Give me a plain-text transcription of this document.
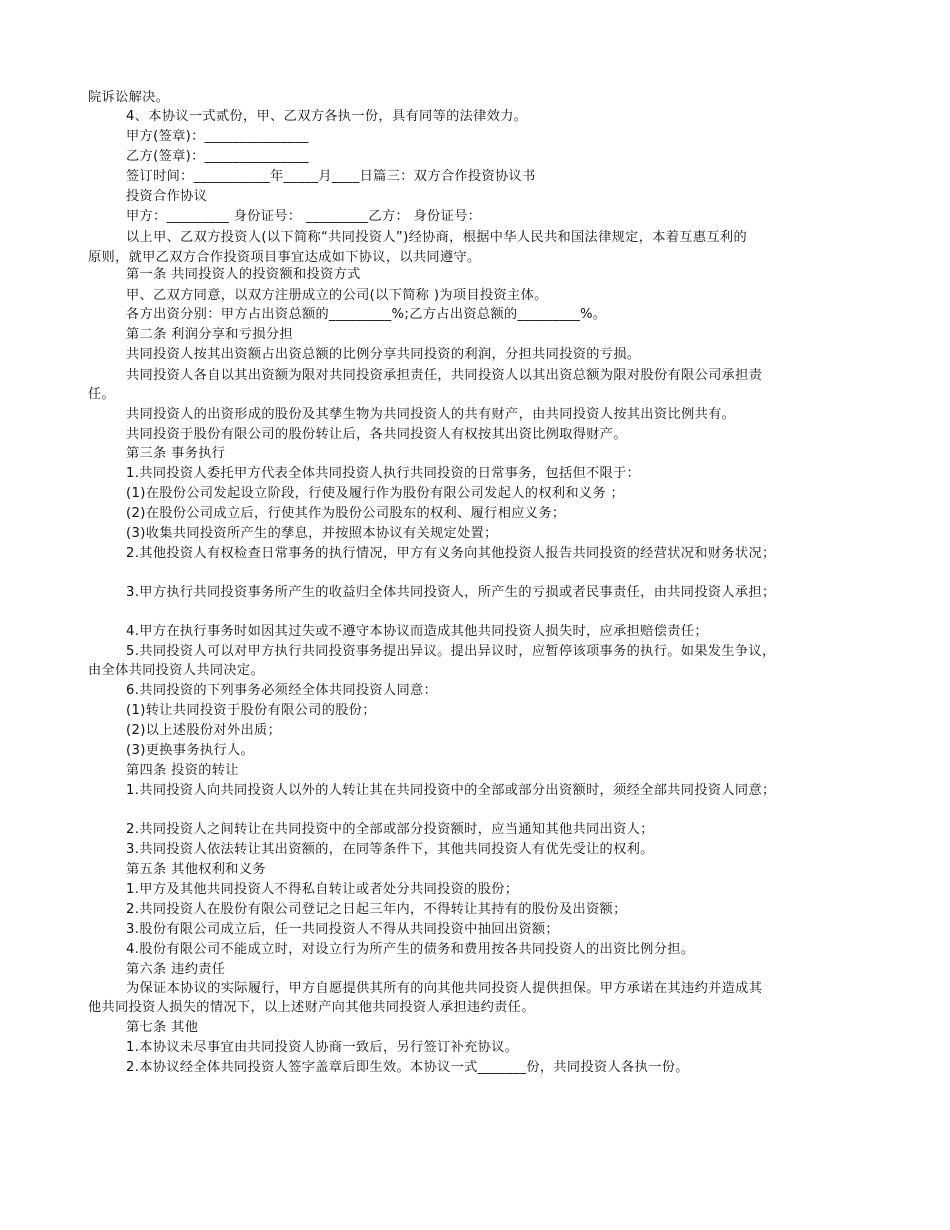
院诉讼解决。
4、本协议一式贰份，甲、乙双方各执一份，具有同等的法律效力。
甲方(签章)：_______________
乙方(签章)：_______________
签订时间：___________年_____月____日篇三：双方合作投资协议书
投资合作协议
甲方：_________ 身份证号： _________乙方： 身份证号：
以上甲、乙双方投资人(以下简称“共同投资人”)经协商，根据中华人民共和国法律规定，本着互惠互利的
原则，就甲乙双方合作投资项目事宜达成如下协议，以共同遵守。
第一条 共同投资人的投资额和投资方式
甲、乙双方同意，以双方注册成立的公司(以下简称 )为项目投资主体。
各方出资分别：甲方占出资总额的_________%;乙方占出资总额的_________%。
第二条 利润分享和亏损分担
共同投资人按其出资额占出资总额的比例分享共同投资的利润，分担共同投资的亏损。
共同投资人各自以其出资额为限对共同投资承担责任，共同投资人以其出资总额为限对股份有限公司承担责
任。
共同投资人的出资形成的股份及其孳生物为共同投资人的共有财产，由共同投资人按其出资比例共有。
共同投资于股份有限公司的股份转让后，各共同投资人有权按其出资比例取得财产。
第三条 事务执行
1.共同投资人委托甲方代表全体共同投资人执行共同投资的日常事务，包括但不限于：
(1)在股份公司发起设立阶段，行使及履行作为股份有限公司发起人的权利和义务 ；
(2)在股份公司成立后，行使其作为股份公司股东的权利、履行相应义务；
(3)收集共同投资所产生的孳息，并按照本协议有关规定处置；
2.其他投资人有权检查日常事务的执行情况，甲方有义务向其他投资人报告共同投资的经营状况和财务状况；
3.甲方执行共同投资事务所产生的收益归全体共同投资人，所产生的亏损或者民事责任，由共同投资人承担；
4.甲方在执行事务时如因其过失或不遵守本协议而造成其他共同投资人损失时，应承担赔偿责任；
5.共同投资人可以对甲方执行共同投资事务提出异议。提出异议时，应暂停该项事务的执行。如果发生争议，
由全体共同投资人共同决定。
6.共同投资的下列事务必须经全体共同投资人同意：
(1)转让共同投资于股份有限公司的股份；
(2)以上述股份对外出质；
(3)更换事务执行人。
第四条 投资的转让
1.共同投资人向共同投资人以外的人转让其在共同投资中的全部或部分出资额时，须经全部共同投资人同意；
2.共同投资人之间转让在共同投资中的全部或部分投资额时，应当通知其他共同出资人；
3.共同投资人依法转让其出资额的，在同等条件下，其他共同投资人有优先受让的权利。
第五条 其他权利和义务
1.甲方及其他共同投资人不得私自转让或者处分共同投资的股份；
2.共同投资人在股份有限公司登记之日起三年内，不得转让其持有的股份及出资额；
3.股份有限公司成立后，任一共同投资人不得从共同投资中抽回出资额；
4.股份有限公司不能成立时，对设立行为所产生的债务和费用按各共同投资人的出资比例分担。
第六条 违约责任
为保证本协议的实际履行，甲方自愿提供其所有的向其他共同投资人提供担保。甲方承诺在其违约并造成其
他共同投资人损失的情况下，以上述财产向其他共同投资人承担违约责任。
第七条 其他
1.本协议未尽事宜由共同投资人协商一致后，另行签订补充协议。
2.本协议经全体共同投资人签字盖章后即生效。本协议一式_______份，共同投资人各执一份。
